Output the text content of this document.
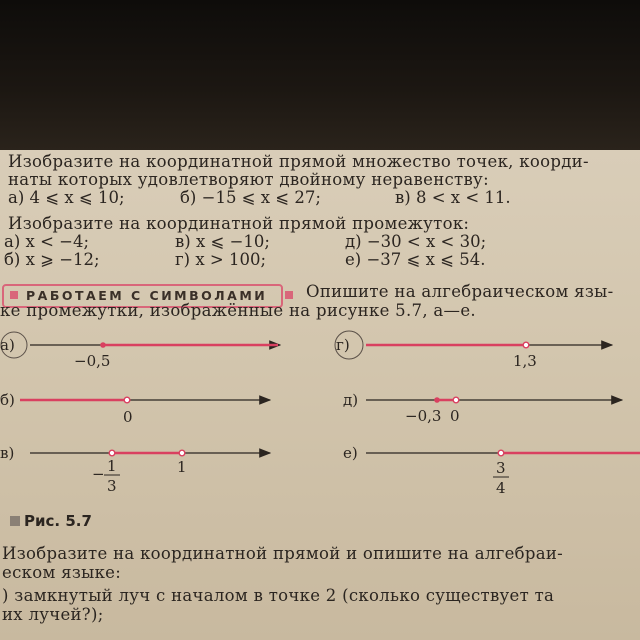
Изобразите на координатной прямой множество точек, коорди-
наты которых удовлетворяют двойному неравенству:
а) 4 ⩽ x ⩽ 10;	б) −15 ⩽ x ⩽ 27;	в) 8 < x < 11.
Изобразите на координатной прямой промежуток:
а) x < −4;	в) x ⩽ −10;	д) −30 < x < 30;
б) x ⩾ −12;	г) x > 100;	е) −37 ⩽ x ⩽ 54.
РАБОТАЕМ С СИМВОЛАМИ	Опишите на алгебраическом язы-
ке промежутки, изображённые на рисунке 5.7, а—е.
а)
−0,5
б)
0
в)
− 1
3
1
г)
1,3
д)
−0,3 0
е)
3
4
Рис. 5.7
Изобразите на координатной прямой и опишите на алгебраи-
еском языке:
) замкнутый луч с началом в точке 2 (сколько существует та
их лучей?);
